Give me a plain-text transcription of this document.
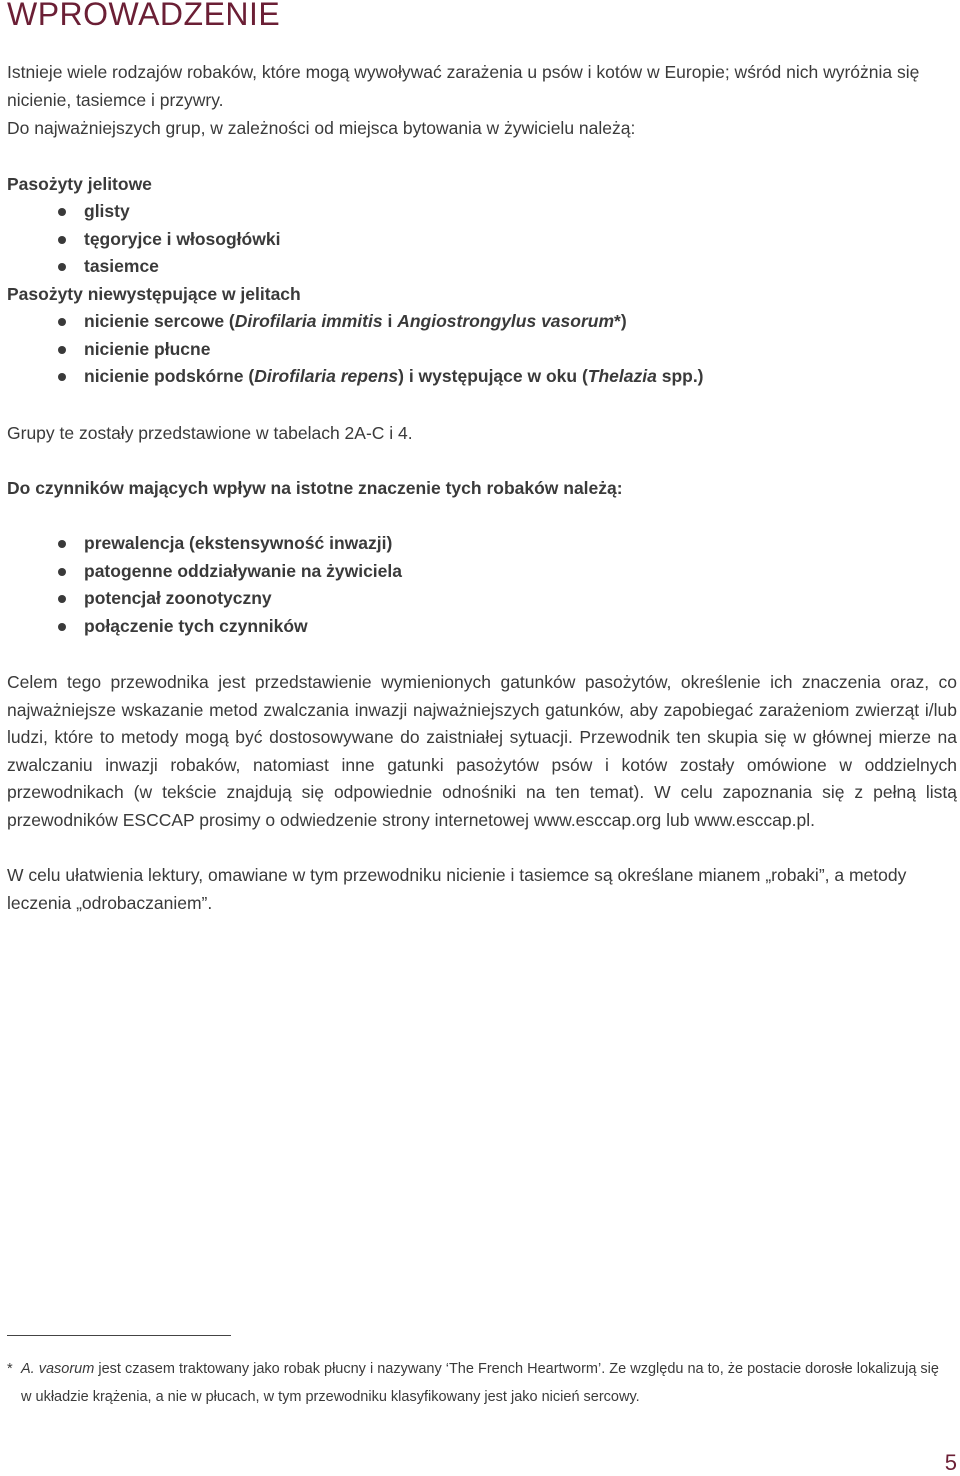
WPROWADZENIE

Istnieje wiele rodzajów robaków, które mogą wywoływać zarażenia u psów i kotów w Europie; wśród nich wyróżnia się nicienie, tasiemce i przywry.

Do najważniejszych grup, w zależności od miejsca bytowania w żywicielu należą:

Pasożyty jelitowe

glisty
tęgoryjce i włosogłówki
tasiemce

Pasożyty niewystępujące w jelitach

nicienie sercowe (Dirofilaria immitis i Angiostrongylus vasorum*)
nicienie płucne
nicienie podskórne (Dirofilaria repens) i występujące w oku (Thelazia spp.)

Grupy te zostały przedstawione w tabelach 2A-C i 4.

Do czynników mających wpływ na istotne znaczenie tych robaków należą:

prewalencja (ekstensywność inwazji)
patogenne oddziaływanie na żywiciela
potencjał zoonotyczny
połączenie tych czynników

Celem tego przewodnika jest przedstawienie wymienionych gatunków pasożytów, określenie ich znaczenia oraz, co najważniejsze wskazanie metod zwalczania inwazji najważniejszych gatunków, aby zapobiegać zarażeniom zwierząt i/lub ludzi, które to metody mogą być dostosowywane do zaistniałej sytuacji. Przewodnik ten skupia się w głównej mierze na zwalczaniu inwazji robaków, natomiast inne gatunki pasożytów psów i kotów zostały omówione w oddzielnych przewodnikach (w tekście znajdują się odpowiednie odnośniki na ten temat). W celu zapoznania się z pełną listą przewodników ESCCAP prosimy o odwiedzenie strony internetowej www.esccap.org lub www.esccap.pl.

W celu ułatwienia lektury, omawiane w tym przewodniku nicienie i tasiemce są określane mianem „robaki”, a metody leczenia „odrobaczaniem”.

* A. vasorum jest czasem traktowany jako robak płucny i nazywany ‘The French Heartworm’. Ze względu na to, że postacie dorosłe lokalizują się w układzie krążenia, a nie w płucach, w tym przewodniku klasyfikowany jest jako nicień sercowy.
5
